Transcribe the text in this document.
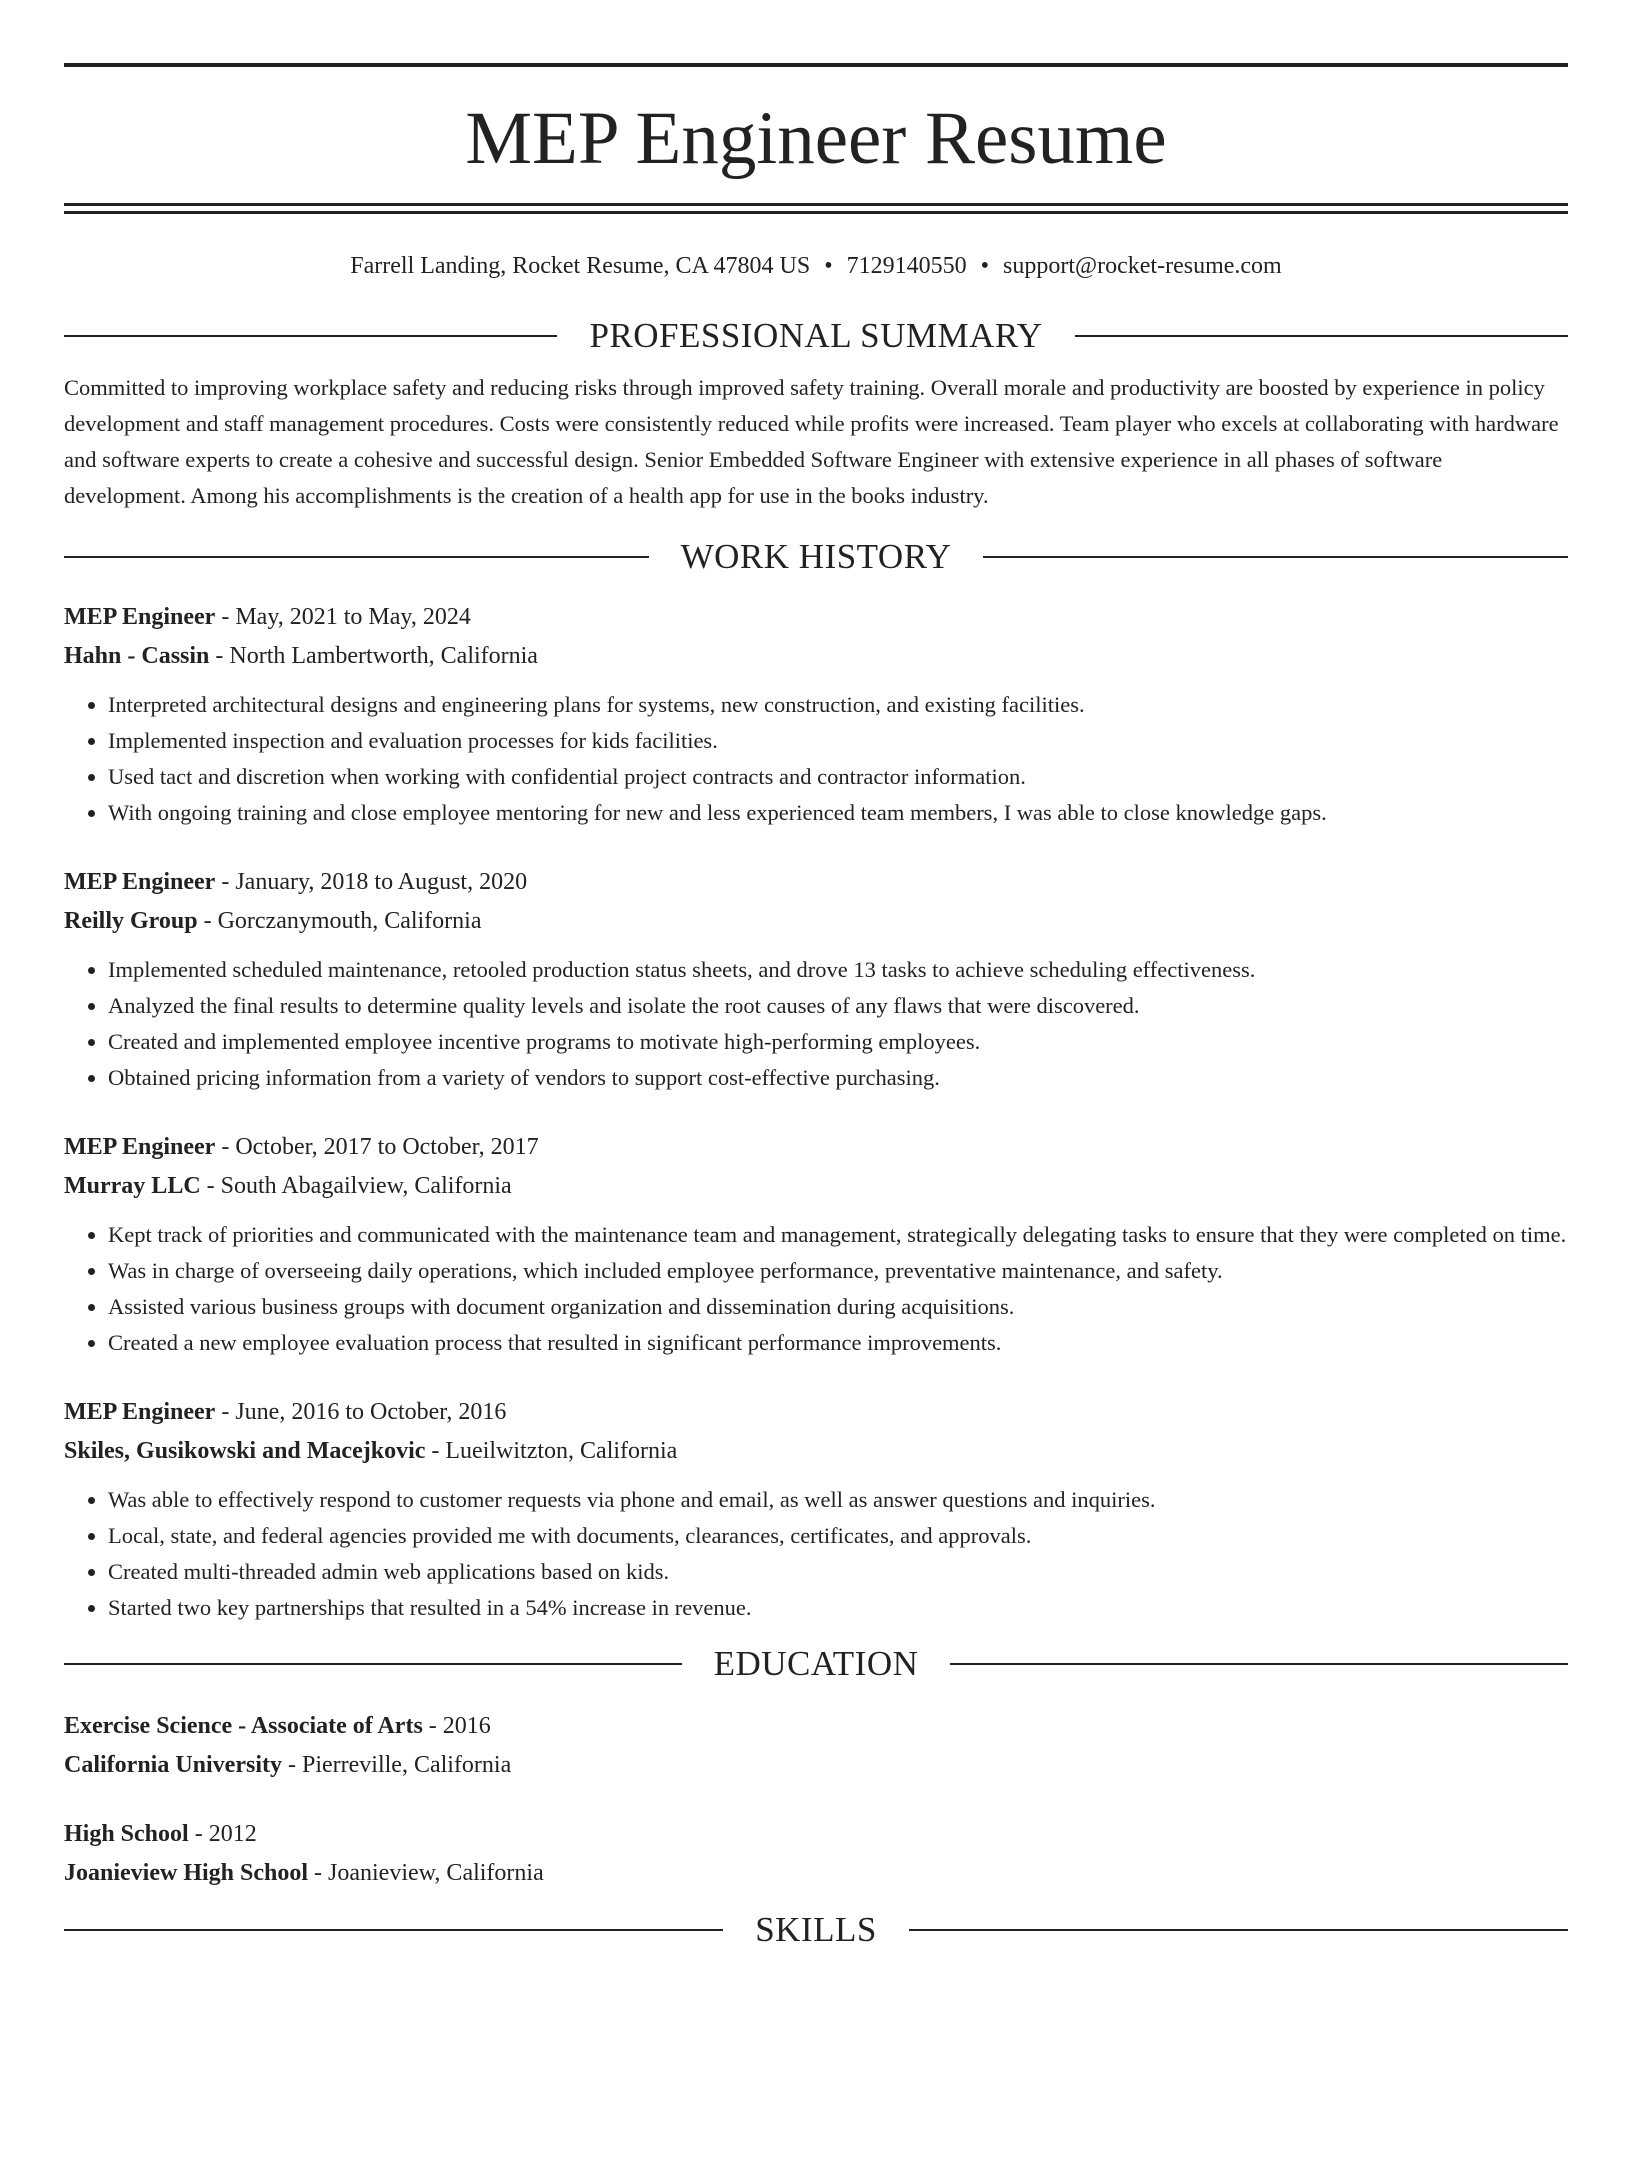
MEP Engineer Resume
Farrell Landing, Rocket Resume, CA 47804 US • 7129140550 • support@rocket-resume.com
PROFESSIONAL SUMMARY

Committed to improving workplace safety and reducing risks through improved safety training. Overall morale and productivity are boosted by experience in policy development and staff management procedures. Costs were consistently reduced while profits were increased. Team player who excels at collaborating with hardware and software experts to create a cohesive and successful design. Senior Embedded Software Engineer with extensive experience in all phases of software development. Among his accomplishments is the creation of a health app for use in the books industry.

WORK HISTORY
MEP Engineer - May, 2021 to May, 2024
Hahn - Cassin - North Lambertworth, California
• Interpreted architectural designs and engineering plans for systems, new construction, and existing facilities.
• Implemented inspection and evaluation processes for kids facilities.
• Used tact and discretion when working with confidential project contracts and contractor information.
• With ongoing training and close employee mentoring for new and less experienced team members, I was able to close knowledge gaps.
MEP Engineer - January, 2018 to August, 2020
Reilly Group - Gorczanymouth, California
• Implemented scheduled maintenance, retooled production status sheets, and drove 13 tasks to achieve scheduling effectiveness.
• Analyzed the final results to determine quality levels and isolate the root causes of any flaws that were discovered.
• Created and implemented employee incentive programs to motivate high-performing employees.
• Obtained pricing information from a variety of vendors to support cost-effective purchasing.
MEP Engineer - October, 2017 to October, 2017
Murray LLC - South Abagailview, California
• Kept track of priorities and communicated with the maintenance team and management, strategically delegating tasks to ensure that they were completed on time.
• Was in charge of overseeing daily operations, which included employee performance, preventative maintenance, and safety.
• Assisted various business groups with document organization and dissemination during acquisitions.
• Created a new employee evaluation process that resulted in significant performance improvements.
MEP Engineer - June, 2016 to October, 2016
Skiles, Gusikowski and Macejkovic - Lueilwitzton, California
• Was able to effectively respond to customer requests via phone and email, as well as answer questions and inquiries.
• Local, state, and federal agencies provided me with documents, clearances, certificates, and approvals.
• Created multi-threaded admin web applications based on kids.
• Started two key partnerships that resulted in a 54% increase in revenue.
EDUCATION
Exercise Science - Associate of Arts - 2016
California University - Pierreville, California
High School - 2012
Joanieview High School - Joanieview, California
SKILLS
